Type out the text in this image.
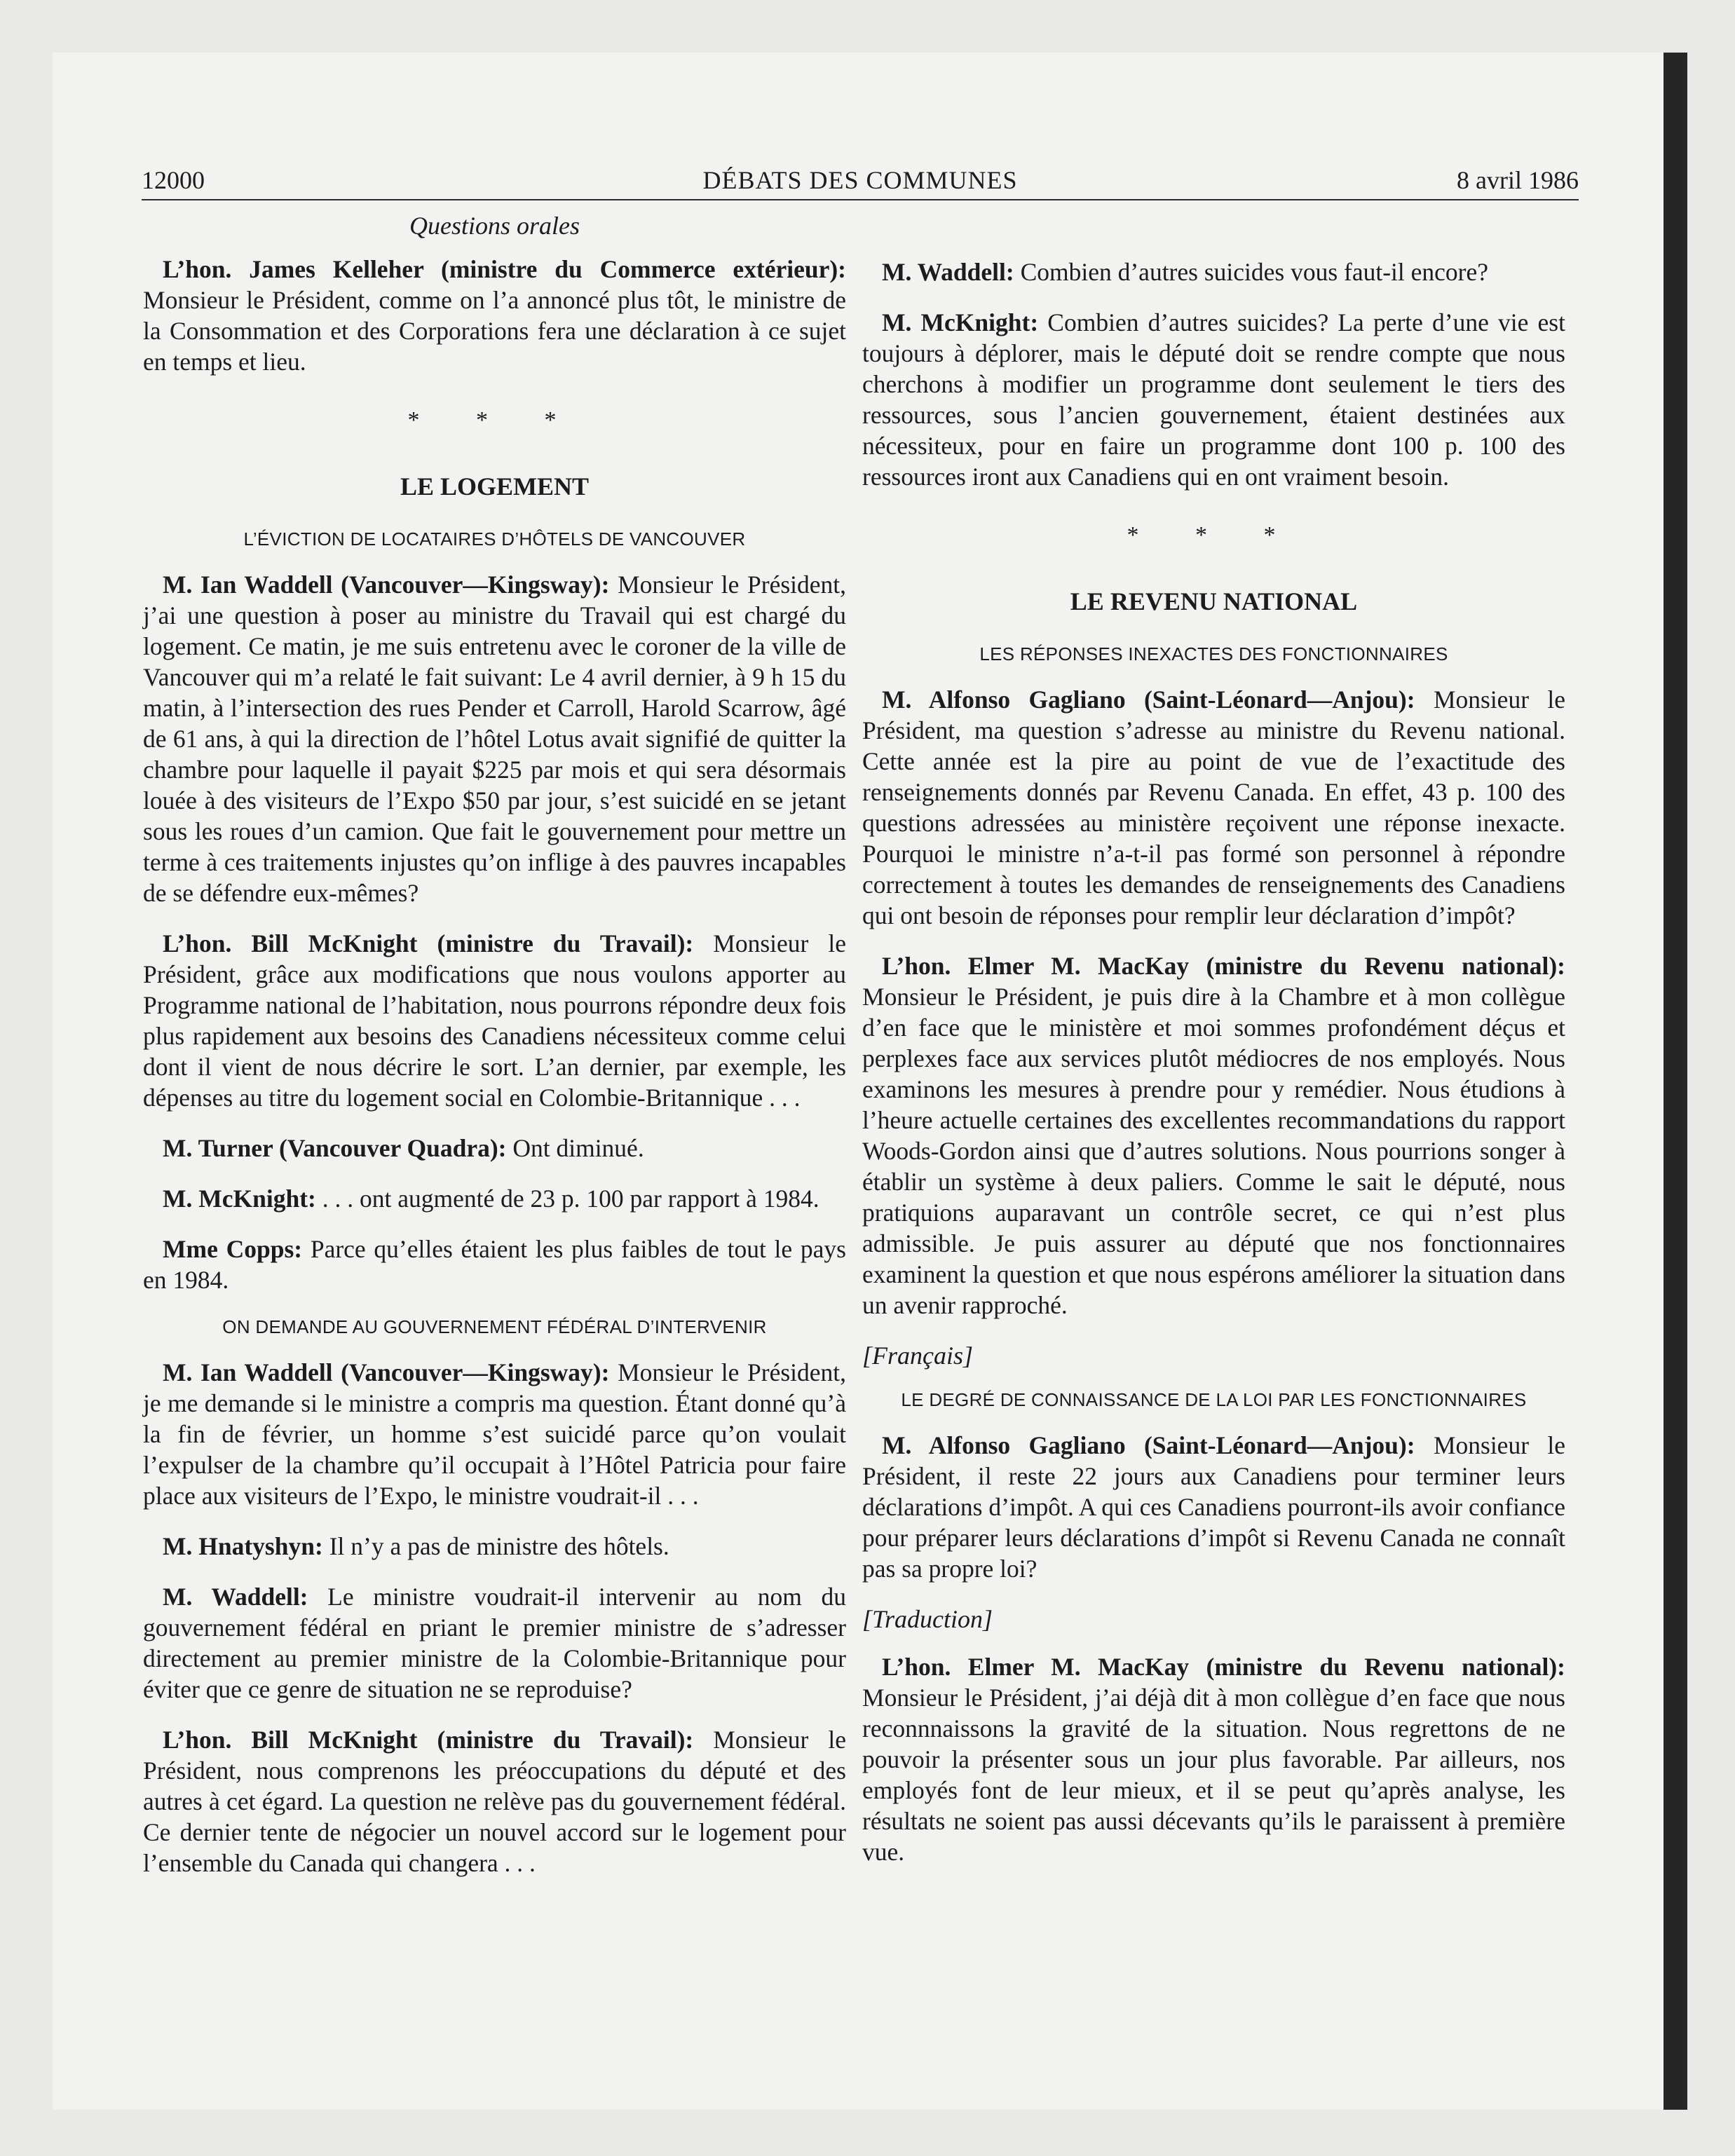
12000	DÉBATS DES COMMUNES	8 avril 1986
Questions orales

L’hon. James Kelleher (ministre du Commerce extérieur): Monsieur le Président, comme on l’a annoncé plus tôt, le ministre de la Consommation et des Corporations fera une déclaration à ce sujet en temps et lieu.

* * *
LE LOGEMENT
L’ÉVICTION DE LOCATAIRES D’HÔTELS DE VANCOUVER

M. Ian Waddell (Vancouver—Kingsway): Monsieur le Président, j’ai une question à poser au ministre du Travail qui est chargé du logement. Ce matin, je me suis entretenu avec le coroner de la ville de Vancouver qui m’a relaté le fait suivant: Le 4 avril dernier, à 9 h 15 du matin, à l’intersection des rues Pender et Carroll, Harold Scarrow, âgé de 61 ans, à qui la direction de l’hôtel Lotus avait signifié de quitter la chambre pour laquelle il payait $225 par mois et qui sera désormais louée à des visiteurs de l’Expo $50 par jour, s’est suicidé en se jetant sous les roues d’un camion. Que fait le gouvernement pour mettre un terme à ces traitements injustes qu’on inflige à des pauvres incapables de se défendre eux-mêmes?

L’hon. Bill McKnight (ministre du Travail): Monsieur le Président, grâce aux modifications que nous voulons apporter au Programme national de l’habitation, nous pourrons répondre deux fois plus rapidement aux besoins des Canadiens nécessiteux comme celui dont il vient de nous décrire le sort. L’an dernier, par exemple, les dépenses au titre du logement social en Colombie-Britannique . . .

M. Turner (Vancouver Quadra): Ont diminué.

M. McKnight: . . . ont augmenté de 23 p. 100 par rapport à 1984.

Mme Copps: Parce qu’elles étaient les plus faibles de tout le pays en 1984.

ON DEMANDE AU GOUVERNEMENT FÉDÉRAL D’INTERVENIR

M. Ian Waddell (Vancouver—Kingsway): Monsieur le Président, je me demande si le ministre a compris ma question. Étant donné qu’à la fin de février, un homme s’est suicidé parce qu’on voulait l’expulser de la chambre qu’il occupait à l’Hôtel Patricia pour faire place aux visiteurs de l’Expo, le ministre voudrait-il . . .

M. Hnatyshyn: Il n’y a pas de ministre des hôtels.

M. Waddell: Le ministre voudrait-il intervenir au nom du gouvernement fédéral en priant le premier ministre de s’adresser directement au premier ministre de la Colombie-Britannique pour éviter que ce genre de situation ne se reproduise?

L’hon. Bill McKnight (ministre du Travail): Monsieur le Président, nous comprenons les préoccupations du député et des autres à cet égard. La question ne relève pas du gouvernement fédéral. Ce dernier tente de négocier un nouvel accord sur le logement pour l’ensemble du Canada qui changera . . .

M. Waddell: Combien d’autres suicides vous faut-il encore?

M. McKnight: Combien d’autres suicides? La perte d’une vie est toujours à déplorer, mais le député doit se rendre compte que nous cherchons à modifier un programme dont seulement le tiers des ressources, sous l’ancien gouvernement, étaient destinées aux nécessiteux, pour en faire un programme dont 100 p. 100 des ressources iront aux Canadiens qui en ont vraiment besoin.

* * *
LE REVENU NATIONAL
LES RÉPONSES INEXACTES DES FONCTIONNAIRES

M. Alfonso Gagliano (Saint-Léonard—Anjou): Monsieur le Président, ma question s’adresse au ministre du Revenu national. Cette année est la pire au point de vue de l’exactitude des renseignements donnés par Revenu Canada. En effet, 43 p. 100 des questions adressées au ministère reçoivent une réponse inexacte. Pourquoi le ministre n’a-t-il pas formé son personnel à répondre correctement à toutes les demandes de renseignements des Canadiens qui ont besoin de réponses pour remplir leur déclaration d’impôt?

L’hon. Elmer M. MacKay (ministre du Revenu national): Monsieur le Président, je puis dire à la Chambre et à mon collègue d’en face que le ministère et moi sommes profondément déçus et perplexes face aux services plutôt médiocres de nos employés. Nous examinons les mesures à prendre pour y remédier. Nous étudions à l’heure actuelle certaines des excellentes recommandations du rapport Woods-Gordon ainsi que d’autres solutions. Nous pourrions songer à établir un système à deux paliers. Comme le sait le député, nous pratiquions auparavant un contrôle secret, ce qui n’est plus admissible. Je puis assurer au député que nos fonctionnaires examinent la question et que nous espérons améliorer la situation dans un avenir rapproché.

[Français]
LE DEGRÉ DE CONNAISSANCE DE LA LOI PAR LES FONCTIONNAIRES

M. Alfonso Gagliano (Saint-Léonard—Anjou): Monsieur le Président, il reste 22 jours aux Canadiens pour terminer leurs déclarations d’impôt. A qui ces Canadiens pourront-ils avoir confiance pour préparer leurs déclarations d’impôt si Revenu Canada ne connaît pas sa propre loi?

[Traduction]

L’hon. Elmer M. MacKay (ministre du Revenu national): Monsieur le Président, j’ai déjà dit à mon collègue d’en face que nous reconnnaissons la gravité de la situation. Nous regrettons de ne pouvoir la présenter sous un jour plus favorable. Par ailleurs, nos employés font de leur mieux, et il se peut qu’après analyse, les résultats ne soient pas aussi décevants qu’ils le paraissent à première vue.
